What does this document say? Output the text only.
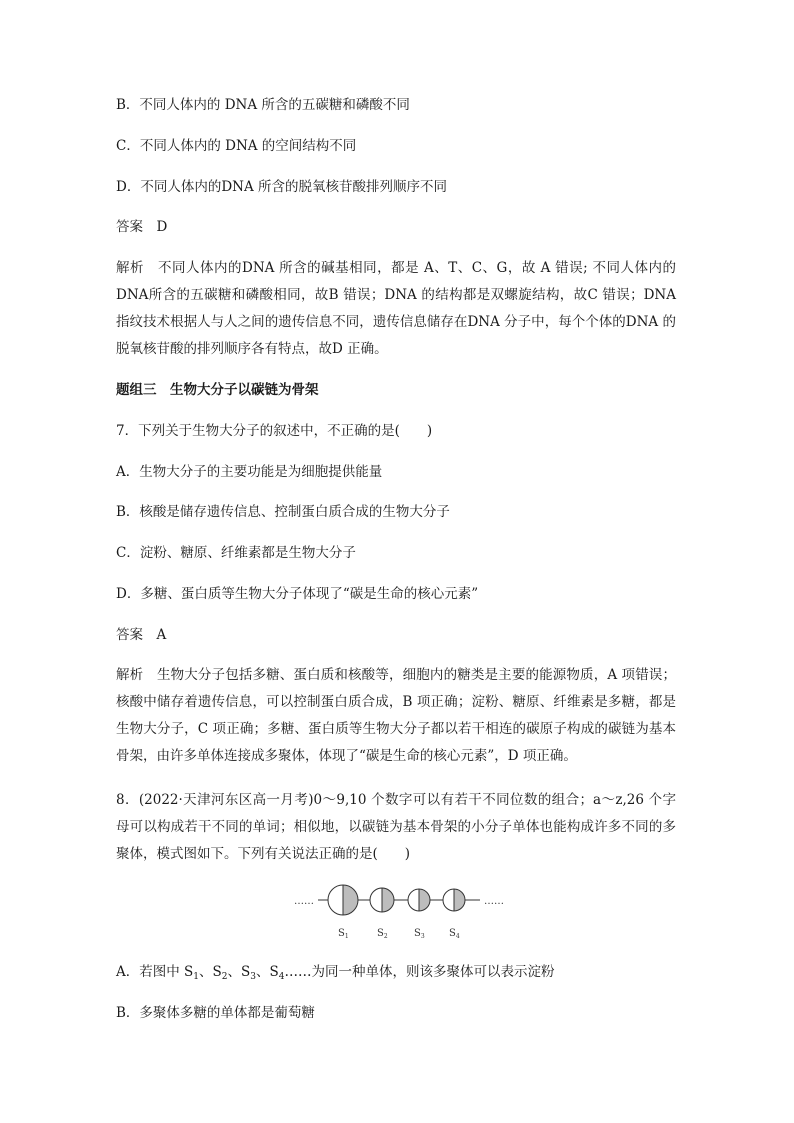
B．不同人体内的 DNA 所含的五碳糖和磷酸不同
C．不同人体内的 DNA 的空间结构不同
D．不同人体内的DNA 所含的脱氧核苷酸排列顺序不同
答案　D
解析　不同人体内的DNA 所含的碱基相同，都是 A、T、C、G，故 A 错误; 不同人体内的DNA所含的五碳糖和磷酸相同，故B 错误；DNA 的结构都是双螺旋结构，故C 错误；DNA 指纹技术根据人与人之间的遗传信息不同，遗传信息储存在DNA 分子中，每个个体的DNA 的脱氧核苷酸的排列顺序各有特点，故D 正确。
题组三　生物大分子以碳链为骨架
7．下列关于生物大分子的叙述中，不正确的是(　　)
A．生物大分子的主要功能是为细胞提供能量
B．核酸是储存遗传信息、控制蛋白质合成的生物大分子
C．淀粉、糖原、纤维素都是生物大分子
D．多糖、蛋白质等生物大分子体现了“碳是生命的核心元素”
答案　A
解析　生物大分子包括多糖、蛋白质和核酸等，细胞内的糖类是主要的能源物质，A 项错误；核酸中储存着遗传信息，可以控制蛋白质合成，B 项正确；淀粉、糖原、纤维素是多糖，都是生物大分子，C 项正确；多糖、蛋白质等生物大分子都以若干相连的碳原子构成的碳链为基本骨架，由许多单体连接成多聚体，体现了“碳是生命的核心元素”，D 项正确。
8．(2022·天津河东区高一月考)0～9,10 个数字可以有若干不同位数的组合；a～z,26 个字母可以构成若干不同的单词；相似地，以碳链为基本骨架的小分子单体也能构成许多不同的多聚体，模式图如下。下列有关说法正确的是(　　)
……	……
$S_1$	$S_2$	$S_3$ $S_4$
A．若图中 $S_1$、$S_2$、$S_3$、$S_4\dots\dots$为同一种单体，则该多聚体可以表示淀粉
B．多聚体多糖的单体都是葡萄糖
